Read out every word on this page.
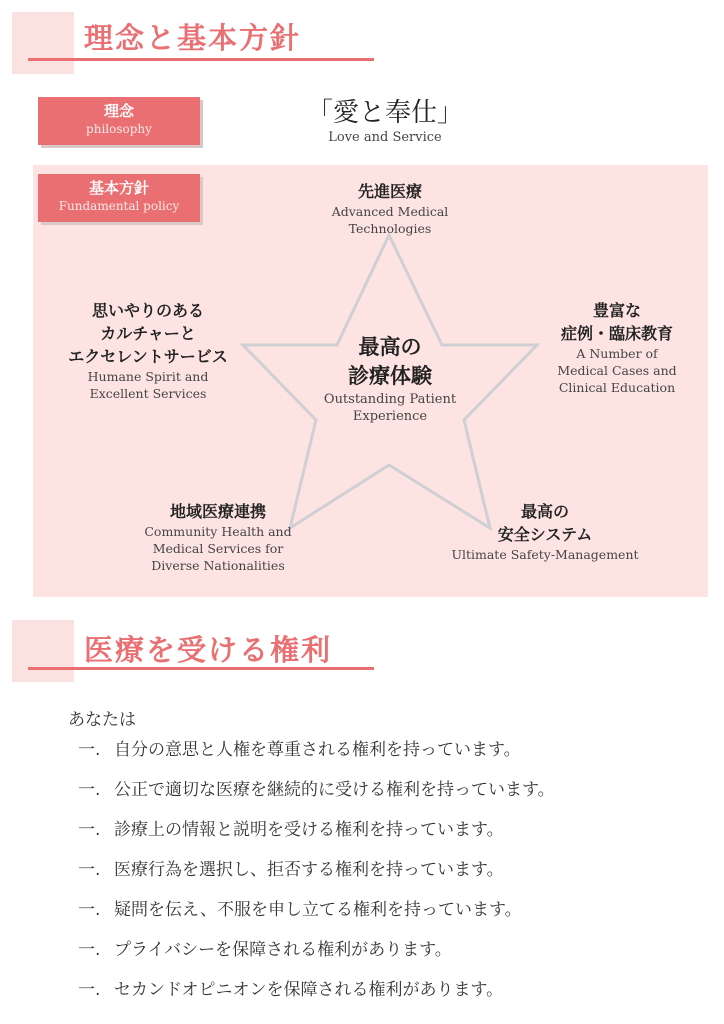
理念と基本方針
理念
philosophy
「愛と奉仕」
Love and Service
基本方針
Fundamental policy
先進医療
Advanced Medical
Technologies
思いやりのある
カルチャーと
エクセレントサービス
Humane Spirit and
Excellent Services
豊富な
症例・臨床教育
A Number of
Medical Cases and
Clinical Education
最高の
診療体験
Outstanding Patient
Experience
地域医療連携
Community Health and
Medical Services for
Diverse Nationalities
最高の
安全システム
Ultimate Safety-Management
医療を受ける権利
あなたは
一. 自分の意思と人権を尊重される権利を持っています。
一. 公正で適切な医療を継続的に受ける権利を持っています。
一. 診療上の情報と説明を受ける権利を持っています。
一. 医療行為を選択し、拒否する権利を持っています。
一. 疑問を伝え、不服を申し立てる権利を持っています。
一. プライバシーを保障される権利があります。
一. セカンドオピニオンを保障される権利があります。
